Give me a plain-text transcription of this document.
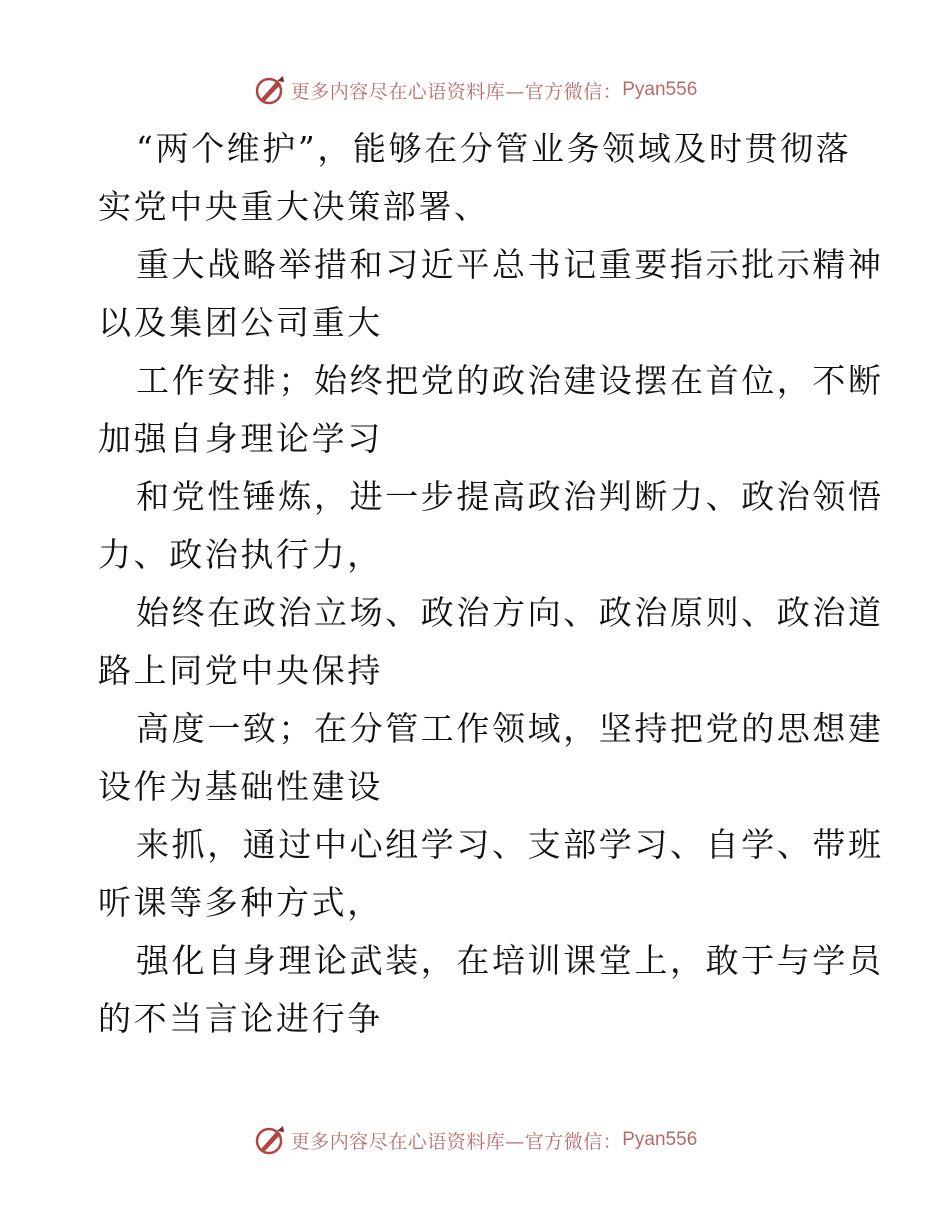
更多内容尽在心语资料库—官方微信： Pyan556
“两个维护”，能够在分管业务领域及时贯彻落
实党中央重大决策部署、
重大战略举措和习近平总书记重要指示批示精神
以及集团公司重大
工作安排；始终把党的政治建设摆在首位，不断
加强自身理论学习
和党性锤炼，进一步提高政治判断力、政治领悟
力、政治执行力，
始终在政治立场、政治方向、政治原则、政治道
路上同党中央保持
高度一致；在分管工作领域，坚持把党的思想建
设作为基础性建设
来抓，通过中心组学习、支部学习、自学、带班
听课等多种方式，
强化自身理论武装，在培训课堂上，敢于与学员
的不当言论进行争
更多内容尽在心语资料库—官方微信： Pyan556
